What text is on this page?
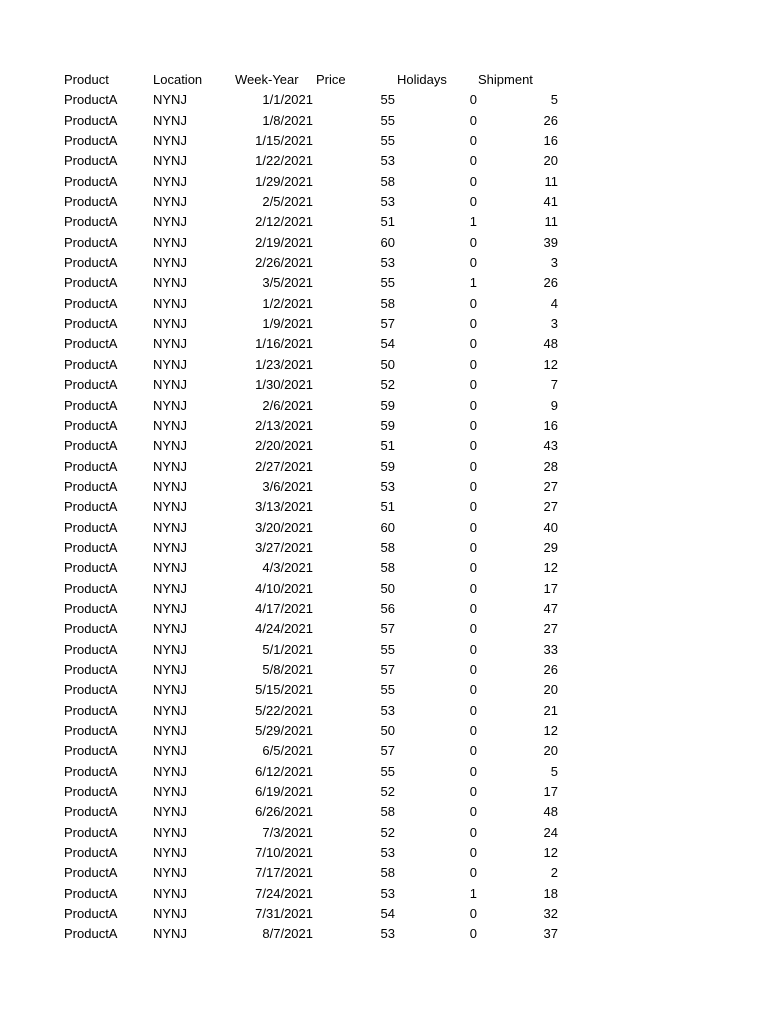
Product	Location	Week-Year	Price	Holidays	Shipment
ProductA	NYNJ	1/1/2021	55	0	5
ProductA	NYNJ	1/8/2021	55	0	26
ProductA	NYNJ	1/15/2021	55	0	16
ProductA	NYNJ	1/22/2021	53	0	20
ProductA	NYNJ	1/29/2021	58	0	11
ProductA	NYNJ	2/5/2021	53	0	41
ProductA	NYNJ	2/12/2021	51	1	11
ProductA	NYNJ	2/19/2021	60	0	39
ProductA	NYNJ	2/26/2021	53	0	3
ProductA	NYNJ	3/5/2021	55	1	26
ProductA	NYNJ	1/2/2021	58	0	4
ProductA	NYNJ	1/9/2021	57	0	3
ProductA	NYNJ	1/16/2021	54	0	48
ProductA	NYNJ	1/23/2021	50	0	12
ProductA	NYNJ	1/30/2021	52	0	7
ProductA	NYNJ	2/6/2021	59	0	9
ProductA	NYNJ	2/13/2021	59	0	16
ProductA	NYNJ	2/20/2021	51	0	43
ProductA	NYNJ	2/27/2021	59	0	28
ProductA	NYNJ	3/6/2021	53	0	27
ProductA	NYNJ	3/13/2021	51	0	27
ProductA	NYNJ	3/20/2021	60	0	40
ProductA	NYNJ	3/27/2021	58	0	29
ProductA	NYNJ	4/3/2021	58	0	12
ProductA	NYNJ	4/10/2021	50	0	17
ProductA	NYNJ	4/17/2021	56	0	47
ProductA	NYNJ	4/24/2021	57	0	27
ProductA	NYNJ	5/1/2021	55	0	33
ProductA	NYNJ	5/8/2021	57	0	26
ProductA	NYNJ	5/15/2021	55	0	20
ProductA	NYNJ	5/22/2021	53	0	21
ProductA	NYNJ	5/29/2021	50	0	12
ProductA	NYNJ	6/5/2021	57	0	20
ProductA	NYNJ	6/12/2021	55	0	5
ProductA	NYNJ	6/19/2021	52	0	17
ProductA	NYNJ	6/26/2021	58	0	48
ProductA	NYNJ	7/3/2021	52	0	24
ProductA	NYNJ	7/10/2021	53	0	12
ProductA	NYNJ	7/17/2021	58	0	2
ProductA	NYNJ	7/24/2021	53	1	18
ProductA	NYNJ	7/31/2021	54	0	32
ProductA	NYNJ	8/7/2021	53	0	37
